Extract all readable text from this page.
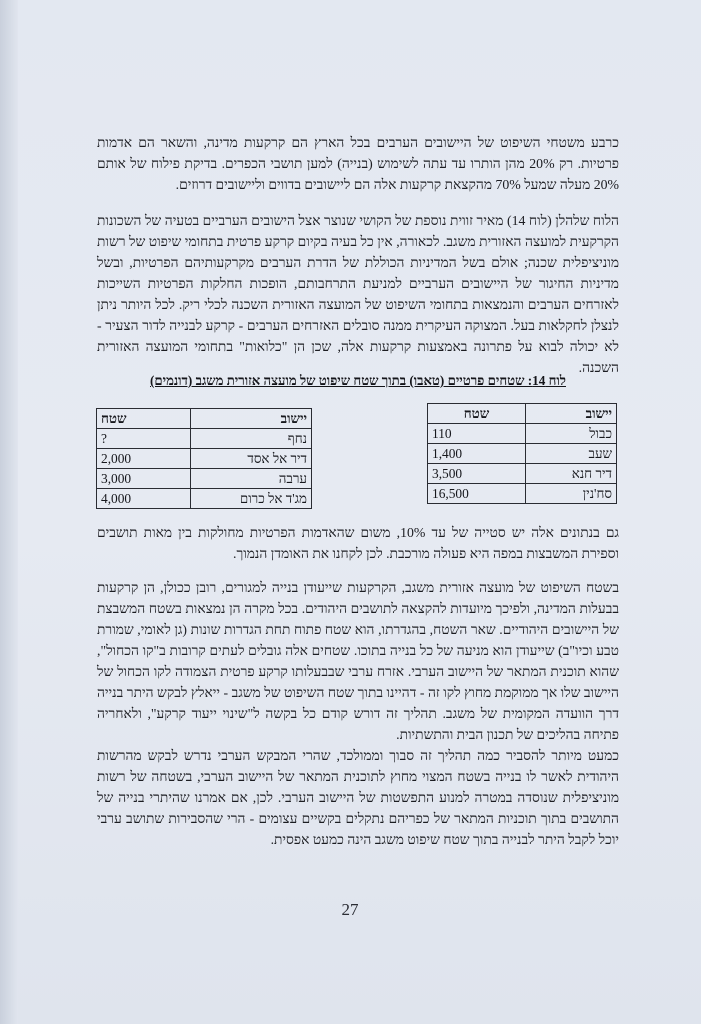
כרבע משטחי השיפוט של היישובים הערבים בכל הארץ הם קרקעות מדינה, והשאר הם אדמות פרטיות. רק 20% מהן הותרו עד עתה לשימוש (בנייה) למען תושבי הכפרים. בדיקת פילוח של אותם 20% מעלה שמעל 70% מהקצאת קרקעות אלה הם ליישובים בדווים וליישובים דרוזים.

הלוח שלהלן (לוח 14) מאיר זווית נוספת של הקושי שנוצר אצל הישובים הערביים בטעיה של השכונות הקרקעית למועצה האזורית משגב. לכאורה, אין כל בעיה בקיום קרקע פרטית בתחומי שיפוט של רשות מוניציפלית שכנה; אולם בשל המדיניות הכוללת של הדרת הערבים מקרקעותיהם הפרטיות, ובשל מדיניות החיגור של היישובים הערביים למניעת התרחבותם, הופכות החלקות הפרטיות השייכות לאזרחים הערבים והנמצאות בתחומי השיפוט של המועצה האזורית השכנה לכלי ריק. לכל היותר ניתן לנצלן לחקלאות בעל. המצוקה העיקרית ממנה סובלים האזרחים הערבים - קרקע לבנייה לדור הצעיר - לא יכולה לבוא על פתרונה באמצעות קרקעות אלה, שכן הן "כלואות" בתחומי המועצה האזורית השכנה.

לוח 14: שטחים פרטיים (טאבו) בתוך שטח שיפוט של מועצה אזורית משגב (דונמים)
יישוב	שטח
כבול	110
שעב	1,400
דיר חנא	3,500
סח'נין	16,500
יישוב	שטח
נחף	?
דיר אל אסד	2,000
ערבה	3,000
מג'ד אל כרום	4,000

גם בנתונים אלה יש סטייה של עד 10%, משום שהאדמות הפרטיות מחולקות בין מאות תושבים וספירת המשבצות במפה היא פעולה מורכבת. לכן לקחנו את האומדן הנמוך.

בשטח השיפוט של מועצה אזורית משגב, הקרקעות שייעודן בנייה למגורים, רובן ככולן, הן קרקעות בבעלות המדינה, ולפיכך מיועדות להקצאה לתושבים היהודים. בכל מקרה הן נמצאות בשטח המשבצת של היישובים היהודיים. שאר השטח, בהגדרתו, הוא שטח פתוח תחת הגדרות שונות (גן לאומי, שמורת טבע וכיו"ב) שייעודן הוא מניעה של כל בנייה בתוכו. שטחים אלה גובלים לעתים קרובות ב"קו הכחול", שהוא תוכנית המתאר של היישוב הערבי. אזרח ערבי שבבעלותו קרקע פרטית הצמודה לקו הכחול של היישוב שלו אך ממוקמת מחוץ לקו זה - דהיינו בתוך שטח השיפוט של משגב - ייאלץ לבקש היתר בנייה דרך הוועדה המקומית של משגב. תהליך זה דורש קודם כל בקשה ל"שינוי ייעוד קרקע", ולאחריה פתיחה בהליכים של תכנון הבית והתשתיות.

כמעט מיותר להסביר כמה תהליך זה סבוך וממולכד, שהרי המבקש הערבי נדרש לבקש מהרשות היהודית לאשר לו בנייה בשטח המצוי מחוץ לתוכנית המתאר של היישוב הערבי, בשטחה של רשות מוניציפלית שנוסדה במטרה למנוע התפשטות של היישוב הערבי. לכן, אם אמרנו שהיתרי בנייה של התושבים בתוך תוכניות המתאר של כפריהם נתקלים בקשיים עצומים - הרי שהסבירות שתושב ערבי יוכל לקבל היתר לבנייה בתוך שטח שיפוט משגב הינה כמעט אפסית.

27
